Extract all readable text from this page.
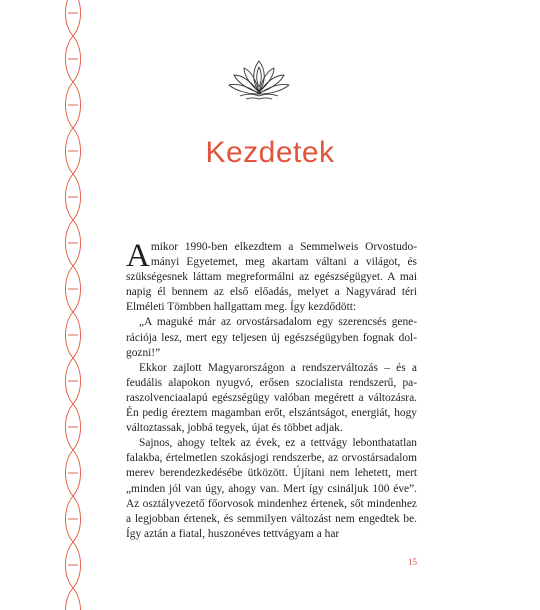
Kezdetek

Amikor 1990-ben elkezdtem a Semmelweis Orvostudományi Egyetemet, meg akartam váltani a világot, és szükségesnek láttam megreformálni az egészségügyet. A mai napig él bennem az első előadás, melyet a Nagyvárad téri Elméleti Tömbben hallgattam meg. Így kezdődött:

„A maguké már az orvostársadalom egy szerencsés generációja lesz, mert egy teljesen új egészségügyben fognak dolgozni!”

Ekkor zajlott Magyarországon a rendszerváltozás – és a feudális alapokon nyugvó, erősen szocialista rendszerű, paraszolvenciaalapú egészségügy valóban megérett a változásra. Én pedig éreztem magamban erőt, elszántságot, energiát, hogy változtassak, jobbá tegyek, újat és többet adjak.

Sajnos, ahogy teltek az évek, ez a tettvágy lebonthatatlan falakba, értelmetlen szokásjogi rendszerbe, az orvostársadalom merev berendezkedésébe ütközött. Újítani nem lehetett, mert „minden jól van úgy, ahogy van. Mert így csináljuk 100 éve”. Az osztályvezető főorvosok mindenhez értenek, sőt mindenhez a legjobban értenek, és semmilyen változást nem engedtek be. Így aztán a fiatal, huszonéves tettvágyam a har

15
